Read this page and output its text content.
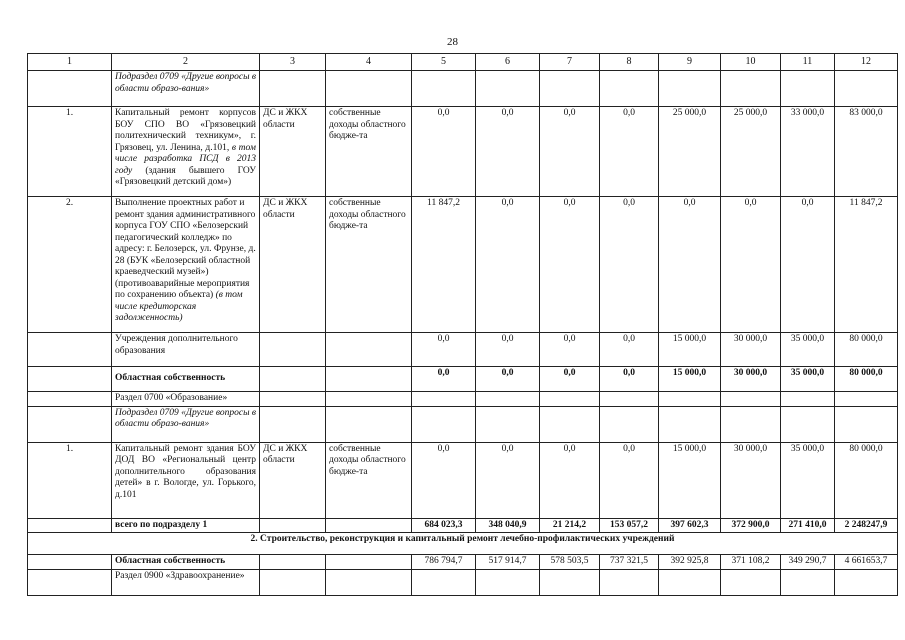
28
1	2	3	4	5	6	7	8	9	10	11	12
	Подраздел 0709 «Другие вопросы в области образо-вания»										
1.	Капитальный ремонт корпусов БОУ СПО ВО «Грязовецкий политехнический техникум», г. Грязовец, ул. Ленина, д.101, в том числе разработка ПСД в 2013 году (здания бывшего ГОУ «Грязовецкий детский дом»)	ДС и ЖКХ области	собственные доходы областного бюдже-та	0,0	0,0	0,0	0,0	25 000,0	25 000,0	33 000,0	83 000,0
2.	Выполнение проектных работ и ремонт здания административного корпуса ГОУ СПО «Белозерский педагогический колледж» по адресу: г. Белозерск, ул. Фрунзе, д. 28 (БУК «Белозерский областной краеведческий музей») (противоаварийные мероприятия по сохранению объекта) (в том числе кредиторская задолженность)	ДС и ЖКХ области	собственные доходы областного бюдже-та	11 847,2	0,0	0,0	0,0	0,0	0,0	0,0	11 847,2
	Учреждения дополнительного образования			0,0	0,0	0,0	0,0	15 000,0	30 000,0	35 000,0	80 000,0
	Областная собственность			0,0	0,0	0,0	0,0	15 000,0	30 000,0	35 000,0	80 000,0
	Раздел 0700 «Образование»										
	Подраздел 0709 «Другие вопросы в области образо-вания»										
1.	Капитальный ремонт здания БОУ ДОД ВО «Региональный центр дополнительного образования детей» в г. Вологде, ул. Горького, д.101	ДС и ЖКХ области	собственные доходы областного бюдже-та	0,0	0,0	0,0	0,0	15 000,0	30 000,0	35 000,0	80 000,0
	всего по подразделу 1			684 023,3	348 040,9	21 214,2	153 057,2	397 602,3	372 900,0	271 410,0	2 248247,9
2. Строительство, реконструкция и капитальный ремонт лечебно-профилактических учреждений											
	Областная собственность			786 794,7	517 914,7	578 503,5	737 321,5	392 925,8	371 108,2	349 290,7	4 661653,7
	Раздел 0900 «Здравоохранение»										
